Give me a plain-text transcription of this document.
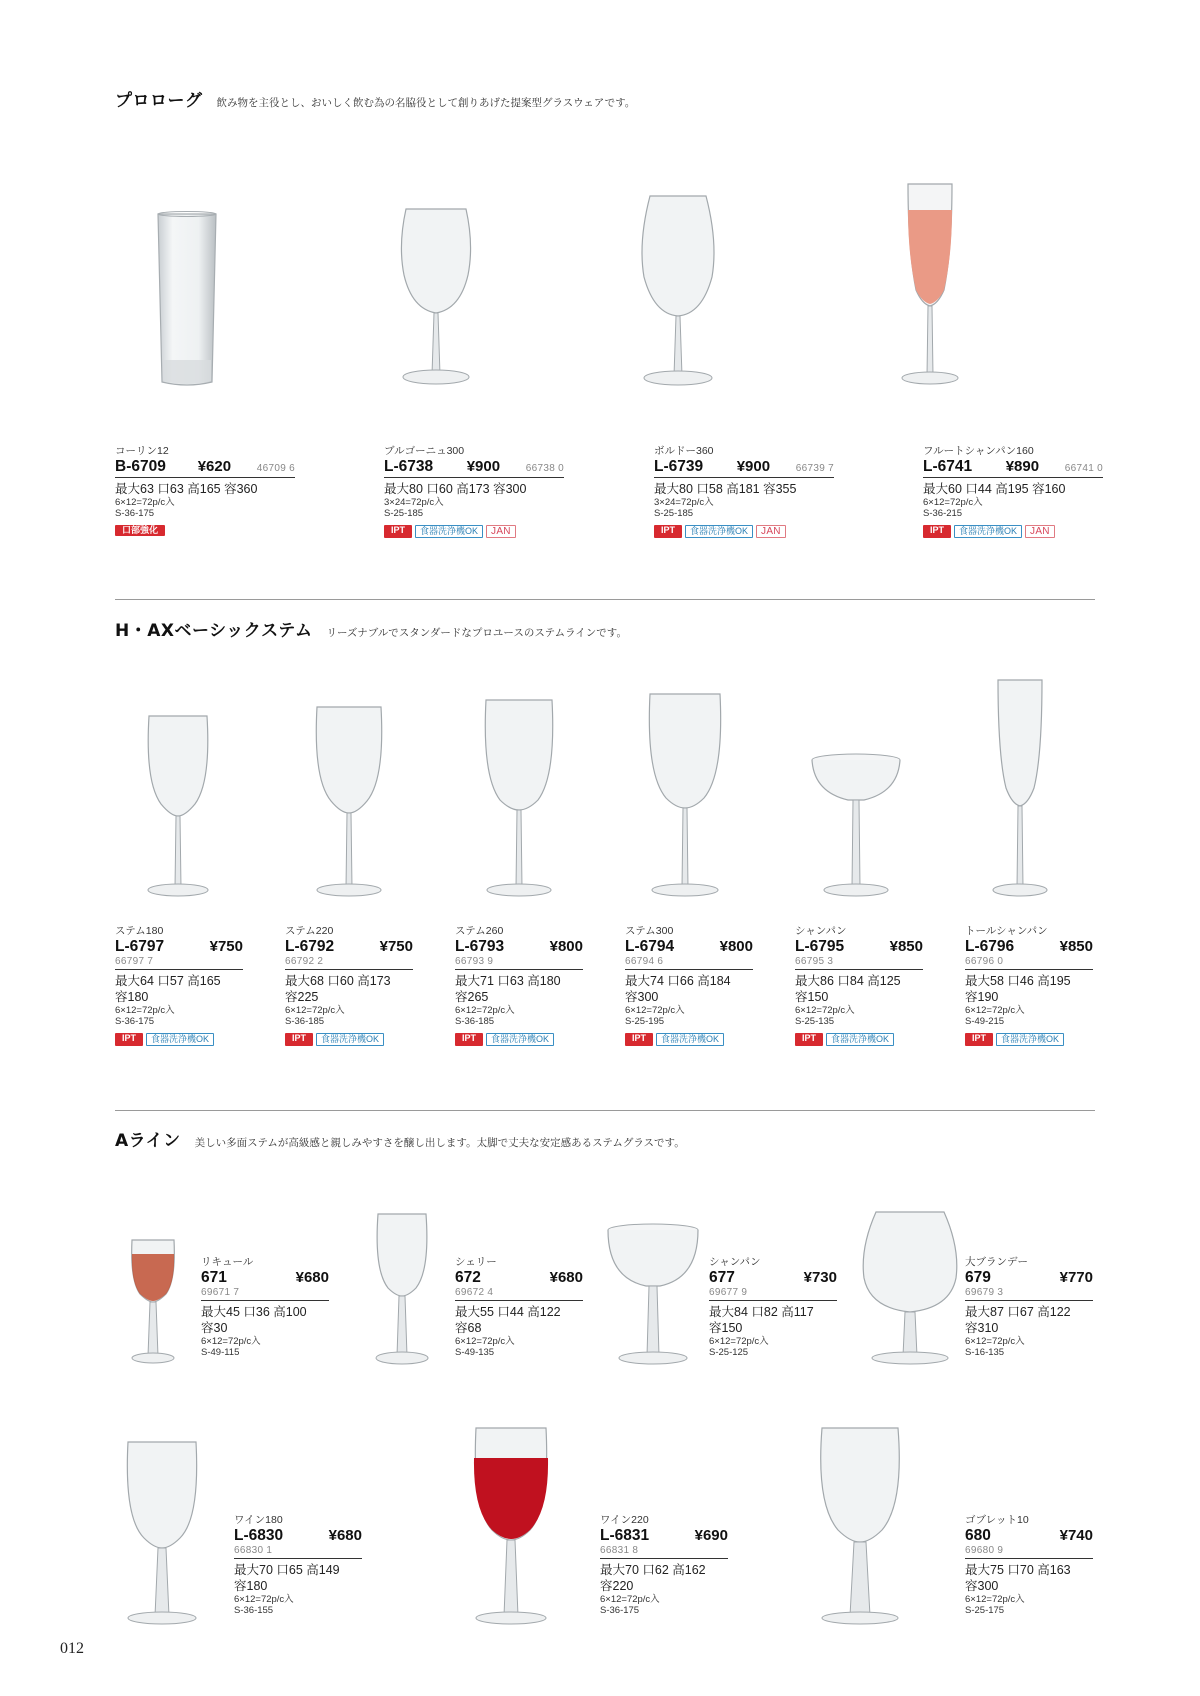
プロローグ 飲み物を主役とし、おいしく飲む為の名脇役として創りあげた提案型グラスウェアです。
コーリン12
B-6709	¥620	46709 6
最大63 口63 高165 容360
6×12=72p/c入
S-36-175
口部強化
ブルゴーニュ300
L-6738	¥900	66738 0
最大80 口60 高173 容300
3×24=72p/c入
S-25-185
IPT	食器洗浄機OK	JAN
ボルドー360
L-6739	¥900	66739 7
最大80 口58 高181 容355
3×24=72p/c入
S-25-185
IPT	食器洗浄機OK	JAN
フルートシャンパン160
L-6741	¥890	66741 0
最大60 口44 高195 容160
6×12=72p/c入
S-36-215
IPT	食器洗浄機OK	JAN
H・AXベーシックステム リーズナブルでスタンダードなプロユースのステムラインです。
ステム180
L-6797	¥750
66797 7
最大64 口57 高165
容180
6×12=72p/c入
S-36-175
IPT	食器洗浄機OK
ステム220
L-6792	¥750
66792 2
最大68 口60 高173
容225
6×12=72p/c入
S-36-185
IPT	食器洗浄機OK
ステム260
L-6793	¥800
66793 9
最大71 口63 高180
容265
6×12=72p/c入
S-36-185
IPT	食器洗浄機OK
ステム300
L-6794	¥800
66794 6
最大74 口66 高184
容300
6×12=72p/c入
S-25-195
IPT	食器洗浄機OK
シャンパン
L-6795	¥850
66795 3
最大86 口84 高125
容150
6×12=72p/c入
S-25-135
IPT	食器洗浄機OK
トールシャンパン
L-6796	¥850
66796 0
最大58 口46 高195
容190
6×12=72p/c入
S-49-215
IPT	食器洗浄機OK
Aライン 美しい多面ステムが高級感と親しみやすさを醸し出します。太脚で丈夫な安定感あるステムグラスです。
リキュール
671	¥680
69671 7
最大45 口36 高100
容30
6×12=72p/c入
S-49-115
シェリー
672	¥680
69672 4
最大55 口44 高122
容68
6×12=72p/c入
S-49-135
シャンパン
677	¥730
69677 9
最大84 口82 高117
容150
6×12=72p/c入
S-25-125
大ブランデー
679	¥770
69679 3
最大87 口67 高122
容310
6×12=72p/c入
S-16-135
ワイン180
L-6830	¥680
66830 1
最大70 口65 高149
容180
6×12=72p/c入
S-36-155
ワイン220
L-6831	¥690
66831 8
最大70 口62 高162
容220
6×12=72p/c入
S-36-175
ゴブレット10
680	¥740
69680 9
最大75 口70 高163
容300
6×12=72p/c入
S-25-175
012
